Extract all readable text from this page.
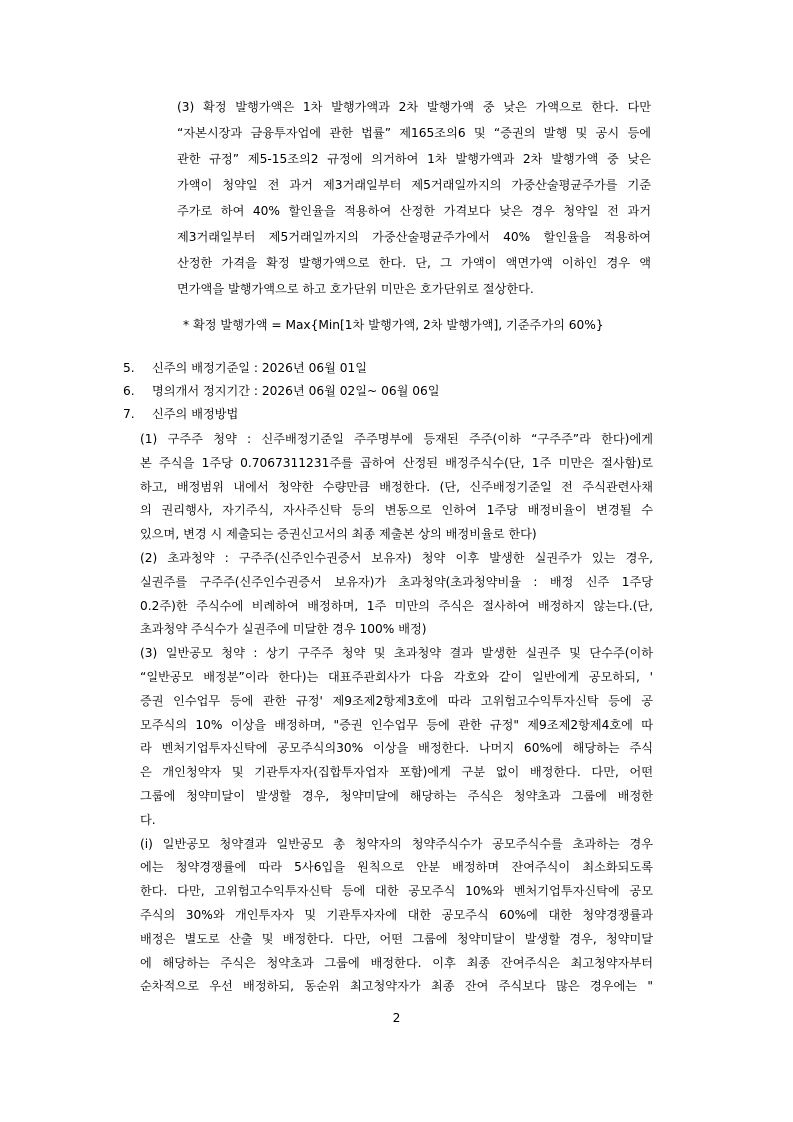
(3) 확정 발행가액은 1차 발행가액과 2차 발행가액 중 낮은 가액으로 한다. 다만
“자본시장과 금융투자업에 관한 법률” 제165조의6 및 “증권의 발행 및 공시 등에
관한 규정” 제5-15조의2 규정에 의거하여 1차 발행가액과 2차 발행가액 중 낮은
가액이 청약일 전 과거 제3거래일부터 제5거래일까지의 가중산술평균주가를 기준
주가로 하여 40% 할인율을 적용하여 산정한 가격보다 낮은 경우 청약일 전 과거
제3거래일부터 제5거래일까지의 가중산술평균주가에서 40% 할인율을 적용하여
산정한 가격을 확정 발행가액으로 한다. 단, 그 가액이 액면가액 이하인 경우 액
면가액을 발행가액으로 하고 호가단위 미만은 호가단위로 절상한다.
* 확정 발행가액 = Max{Min[1차 발행가액, 2차 발행가액], 기준주가의 60%}
5.	신주의 배정기준일 : 2026년 06월 01일
6.	명의개서 정지기간 : 2026년 06월 02일~ 06월 06일
7.	신주의 배정방법
(1) 구주주 청약 : 신주배정기준일 주주명부에 등재된 주주(이하 “구주주”라 한다)에게
본 주식을 1주당 0.7067311231주를 곱하여 산정된 배정주식수(단, 1주 미만은 절사함)로
하고, 배정범위 내에서 청약한 수량만큼 배정한다. (단, 신주배정기준일 전 주식관련사채
의 권리행사, 자기주식, 자사주신탁 등의 변동으로 인하여 1주당 배정비율이 변경될 수
있으며, 변경 시 제출되는 증권신고서의 최종 제출본 상의 배정비율로 한다)
(2) 초과청약 : 구주주(신주인수권증서 보유자) 청약 이후 발생한 실권주가 있는 경우,
실권주를 구주주(신주인수권증서 보유자)가 초과청약(초과청약비율 : 배정 신주 1주당
0.2주)한 주식수에 비례하여 배정하며, 1주 미만의 주식은 절사하여 배정하지 않는다.(단,
초과청약 주식수가 실권주에 미달한 경우 100% 배정)
(3) 일반공모 청약 : 상기 구주주 청약 및 초과청약 결과 발생한 실권주 및 단수주(이하
“일반공모 배정분”이라 한다)는 대표주관회사가 다음 각호와 같이 일반에게 공모하되, '
증권 인수업무 등에 관한 규정' 제9조제2항제3호에 따라 고위험고수익투자신탁 등에 공
모주식의 10% 이상을 배정하며, "증권 인수업무 등에 관한 규정" 제9조제2항제4호에 따
라 벤처기업투자신탁에 공모주식의30% 이상을 배정한다. 나머지 60%에 해당하는 주식
은 개인청약자 및 기관투자자(집합투자업자 포함)에게 구분 없이 배정한다. 다만, 어떤
그룹에 청약미달이 발생할 경우, 청약미달에 해당하는 주식은 청약초과 그룹에 배정한
다.
(i) 일반공모 청약결과 일반공모 총 청약자의 청약주식수가 공모주식수를 초과하는 경우
에는 청약경쟁률에 따라 5사6입을 원칙으로 안분 배정하며 잔여주식이 최소화되도록
한다. 다만, 고위험고수익투자신탁 등에 대한 공모주식 10%와 벤처기업투자신탁에 공모
주식의 30%와 개인투자자 및 기관투자자에 대한 공모주식 60%에 대한 청약경쟁률과
배정은 별도로 산출 및 배정한다. 다만, 어떤 그룹에 청약미달이 발생할 경우, 청약미달
에 해당하는 주식은 청약초과 그룹에 배정한다. 이후 최종 잔여주식은 최고청약자부터
순차적으로 우선 배정하되, 동순위 최고청약자가 최종 잔여 주식보다 많은 경우에는 "
2
